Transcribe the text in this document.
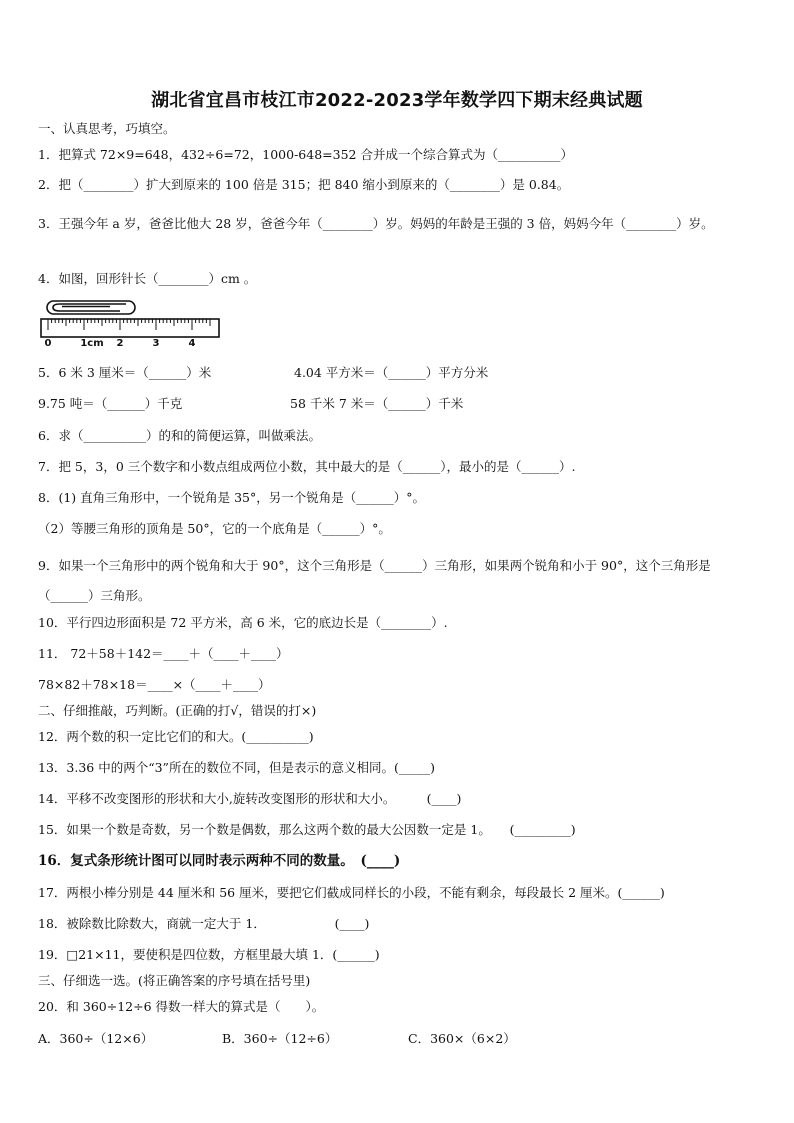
湖北省宜昌市枝江市2022-2023学年数学四下期末经典试题
一、认真思考，巧填空。
1．把算式 72×9=648，432÷6=72，1000-648=352 合并成一个综合算式为（__________）
2．把（________）扩大到原来的 100 倍是 315；把 840 缩小到原来的（________）是 0.84。
3．王强今年 a 岁，爸爸比他大 28 岁，爸爸今年（________）岁。妈妈的年龄是王强的 3 倍，妈妈今年（________）岁。
4．如图，回形针长（________）cm 。
0	1cm 2	3	4
5．6 米 3 厘米＝（______）米	4.04 平方米＝（______）平方分米
9.75 吨＝（______）千克	58 千米 7 米＝（______）千米
6．求（__________）的和的简便运算，叫做乘法。
7．把 5，3，0 三个数字和小数点组成两位小数，其中最大的是（______），最小的是（______）.
8．(1) 直角三角形中，一个锐角是 35°，另一个锐角是（______）°。
（2）等腰三角形的顶角是 50°，它的一个底角是（______）°。
9．如果一个三角形中的两个锐角和大于 90°，这个三角形是（______）三角形，如果两个锐角和小于 90°，这个三角形是（______）三角形。
10．平行四边形面积是 72 平方米，高 6 米，它的底边长是（________）.
11． 72＋58＋142＝____＋（____＋____）
78×82＋78×18＝____×（____＋____）
二、仔细推敲，巧判断。(正确的打√，错误的打×)
12．两个数的积一定比它们的和大。(__________)
13．3.36 中的两个“3”所在的数位不同，但是表示的意义相同。(_____)
14．平移不改变图形的形状和大小,旋转改变图形的形状和大小。　　　(____)
15．如果一个数是奇数，另一个数是偶数，那么这两个数的最大公因数一定是 1。　　(_________)
16．复式条形统计图可以同时表示两种不同的数量。　(____)
17．两根小棒分别是 44 厘米和 56 厘米，要把它们截成同样长的小段，不能有剩余，每段最长 2 厘米。(______)
18．被除数比除数大，商就一定大于 1．　　　　　　(____)
19．□21×11，要使积是四位数，方框里最大填 1．(______)
三、仔细选一选。(将正确答案的序号填在括号里)
20．和 360÷12÷6 得数一样大的算式是（　　）。
A．360÷（12×6）	B．360÷（12÷6）	C．360×（6×2）
